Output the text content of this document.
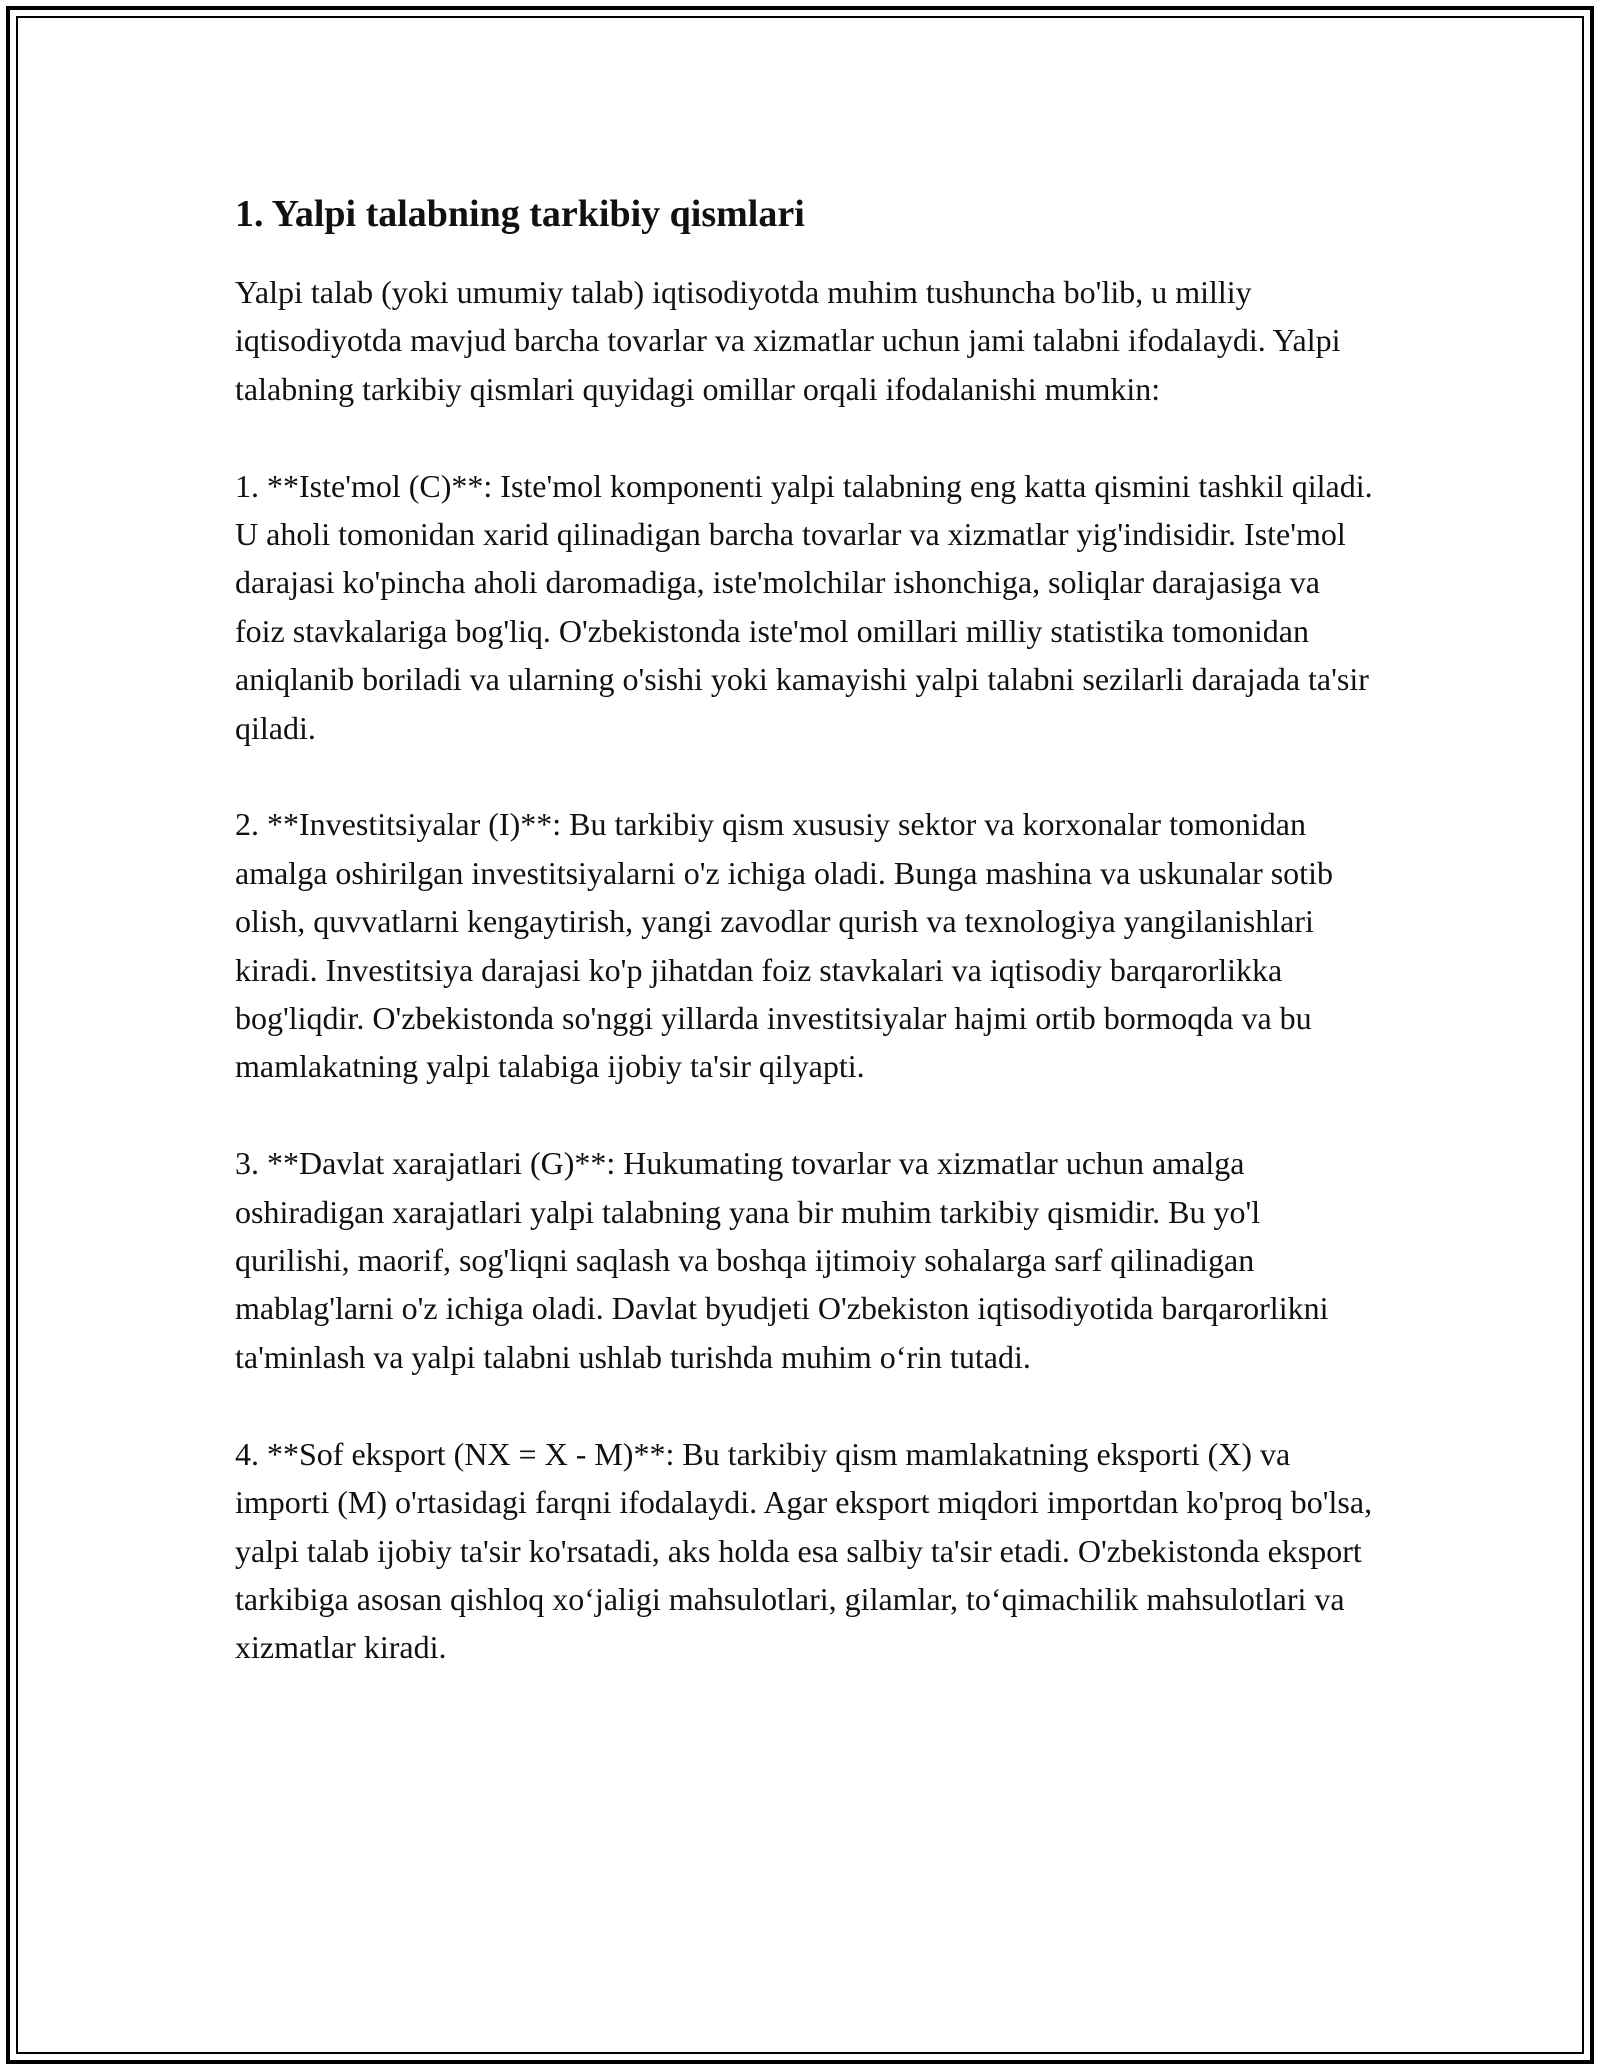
1. Yalpi talabning tarkibiy qismlari

Yalpi talab (yoki umumiy talab) iqtisodiyotda muhim tushuncha bo'lib, u milliy iqtisodiyotda mavjud barcha tovarlar va xizmatlar uchun jami talabni ifodalaydi. Yalpi talabning tarkibiy qismlari quyidagi omillar orqali ifodalanishi mumkin:

1. **Iste'mol (C)**: Iste'mol komponenti yalpi talabning eng katta qismini tashkil qiladi. U aholi tomonidan xarid qilinadigan barcha tovarlar va xizmatlar yig'indisidir. Iste'mol darajasi ko'pincha aholi daromadiga, iste'molchilar ishonchiga, soliqlar darajasiga va foiz stavkalariga bog'liq. O'zbekistonda iste'mol omillari milliy statistika tomonidan aniqlanib boriladi va ularning o'sishi yoki kamayishi yalpi talabni sezilarli darajada ta'sir qiladi.

2. **Investitsiyalar (I)**: Bu tarkibiy qism xususiy sektor va korxonalar tomonidan amalga oshirilgan investitsiyalarni o'z ichiga oladi. Bunga mashina va uskunalar sotib olish, quvvatlarni kengaytirish, yangi zavodlar qurish va texnologiya yangilanishlari kiradi. Investitsiya darajasi ko'p jihatdan foiz stavkalari va iqtisodiy barqarorlikka bog'liqdir. O'zbekistonda so'nggi yillarda investitsiyalar hajmi ortib bormoqda va bu mamlakatning yalpi talabiga ijobiy ta'sir qilyapti.

3. **Davlat xarajatlari (G)**: Hukumating tovarlar va xizmatlar uchun amalga oshiradigan xarajatlari yalpi talabning yana bir muhim tarkibiy qismidir. Bu yo'l qurilishi, maorif, sog'liqni saqlash va boshqa ijtimoiy sohalarga sarf qilinadigan mablag'larni o'z ichiga oladi. Davlat byudjeti O'zbekiston iqtisodiyotida barqarorlikni ta'minlash va yalpi talabni ushlab turishda muhim o‘rin tutadi.

4. **Sof eksport (NX = X - M)**: Bu tarkibiy qism mamlakatning eksporti (X) va importi (M) o'rtasidagi farqni ifodalaydi. Agar eksport miqdori importdan ko'proq bo'lsa, yalpi talab ijobiy ta'sir ko'rsatadi, aks holda esa salbiy ta'sir etadi. O'zbekistonda eksport tarkibiga asosan qishloq xo‘jaligi mahsulotlari, gilamlar, to‘qimachilik mahsulotlari va xizmatlar kiradi.
